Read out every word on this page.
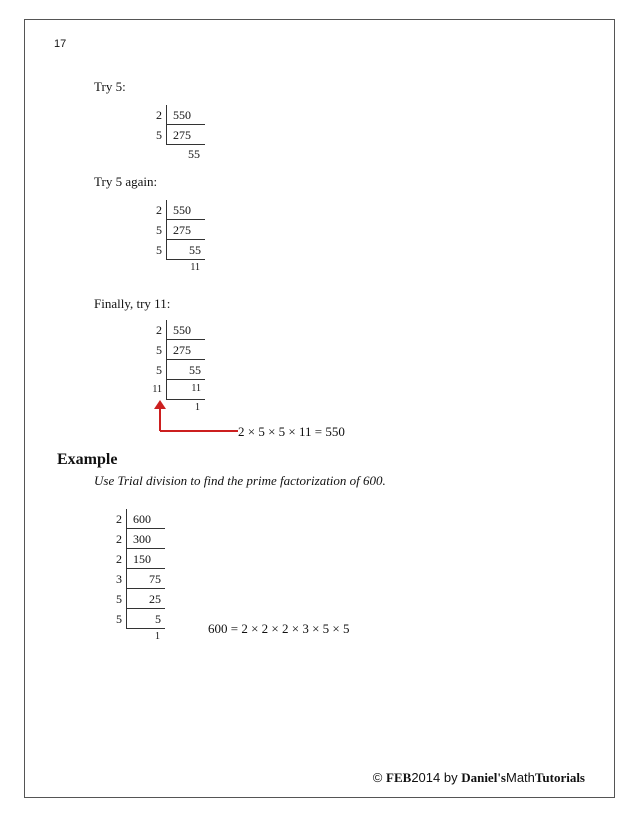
17
Try 5:
2 550
5 275
55
Try 5 again:
2 550
5 275
5 55
11
Finally, try 11:
2 550
5 275
5 55
11	11
1
2 × 5 × 5 × 11 = 550
Example
Use Trial division to find the prime factorization of 600.
2 600
2 300
2 150
3 75
5 25
5	5
1
600 = 2 × 2 × 2 × 3 × 5 × 5
© FEB2014 by Daniel'sMathTutorials
